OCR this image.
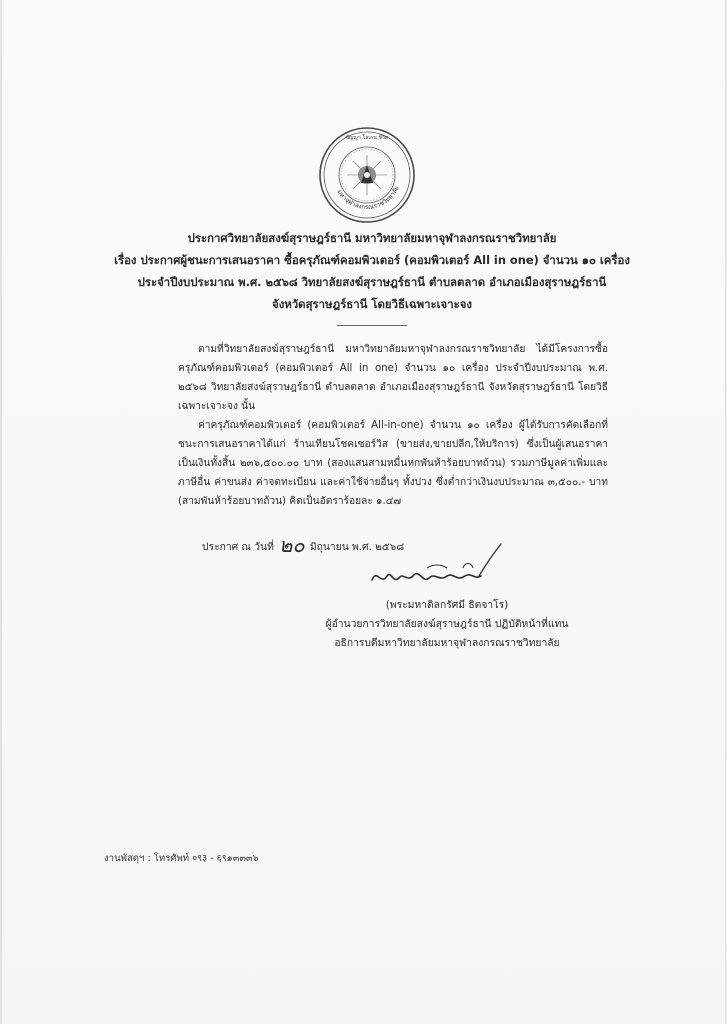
มหาจุฬาลงกรณราชวิทยาลัย
ปัญญา โลเกน ชีวิต
ประกาศวิทยาลัยสงฆ์สุราษฎร์ธานี มหาวิทยาลัยมหาจุฬาลงกรณราชวิทยาลัย
เรื่อง ประกาศผู้ชนะการเสนอราคา ซื้อครุภัณฑ์คอมพิวเตอร์ (คอมพิวเตอร์ All in one) จำนวน ๑๐ เครื่อง
ประจำปีงบประมาณ พ.ศ. ๒๕๖๘ วิทยาลัยสงฆ์สุราษฎร์ธานี ตำบลตลาด อำเภอเมืองสุราษฎร์ธานี
จังหวัดสุราษฎร์ธานี โดยวิธีเฉพาะเจาะจง

ตามที่วิทยาลัยสงฆ์สุราษฎร์ธานี มหาวิทยาลัยมหาจุฬาลงกรณราชวิทยาลัย ได้มีโครงการซื้อครุภัณฑ์คอมพิวเตอร์ (คอมพิวเตอร์ All in one) จำนวน ๑๐ เครื่อง ประจำปีงบประมาณ พ.ศ. ๒๕๖๘ วิทยาลัยสงฆ์สุราษฎร์ธานี ตำบลตลาด อำเภอเมืองสุราษฎร์ธานี จังหวัดสุราษฎร์ธานี โดยวิธีเฉพาะเจาะจง นั้น

ค่าครุภัณฑ์คอมพิวเตอร์ (คอมพิวเตอร์ All-in-one) จำนวน ๑๐ เครื่อง ผู้ได้รับการคัดเลือกที่ชนะการเสนอราคาได้แก่ ร้านเทียนโชคเซอร์วิส (ขายส่ง,ขายปลีก,ให้บริการ) ซึ่งเป็นผู้เสนอราคาเป็นเงินทั้งสิ้น ๒๓๖,๕๐๐.๐๐ บาท (สองแสนสามหมื่นหกพันห้าร้อยบาทถ้วน) รวมภาษีมูลค่าเพิ่มและภาษีอื่น ค่าขนส่ง ค่าจดทะเบียน และค่าใช้จ่ายอื่นๆ ทั้งปวง ซึ่งต่ำกว่าเงินงบประมาณ ๓,๕๐๐.- บาท (สามพันห้าร้อยบาทถ้วน) คิดเป็นอัตราร้อยละ ๑.๔๗

ประกาศ ณ วันที่ ๒๐ มิถุนายน พ.ศ. ๒๕๖๘
(พระมหาดิลกรัศมี ธิตจาโร)
ผู้อำนวยการวิทยาลัยสงฆ์สุราษฎร์ธานี ปฏิบัติหน้าที่แทน
อธิการบดีมหาวิทยาลัยมหาจุฬาลงกรณราชวิทยาลัย
งานพัสดุฯ : โทรศัพท์ ०९३ - ६९๑๓๓๓๖
